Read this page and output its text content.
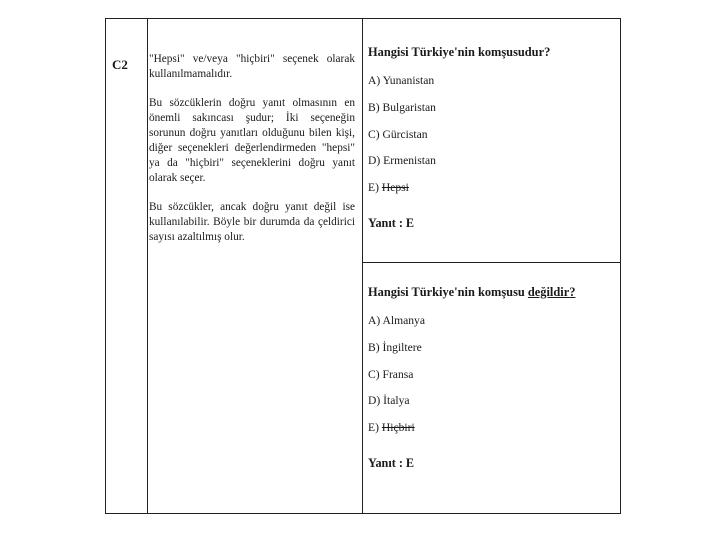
C2 "Hepsi" ve/veya "hiçbiri" seçenek olarak kullanılmamalıdır.

Bu sözcüklerin doğru yanıt olmasının en önemli sakıncası şudur; İki seçeneğin sorunun doğru yanıtları olduğunu bilen kişi, diğer seçenekleri değerlendirmeden "hepsi" ya da "hiçbiri" seçeneklerini doğru yanıt olarak seçer.

Bu sözcükler, ancak doğru yanıt değil ise kullanılabilir. Böyle bir durumda da çeldirici sayısı azaltılmış olur.

Hangisi Türkiye'nin komşusudur?
A) Yunanistan
B) Bulgaristan
C) Gürcistan
D) Ermenistan
E) Hepsi
Yanıt : E
Hangisi Türkiye'nin komşusu değildir?
A) Almanya
B) İngiltere
C) Fransa
D) İtalya
E) Hiçbiri
Yanıt : E
